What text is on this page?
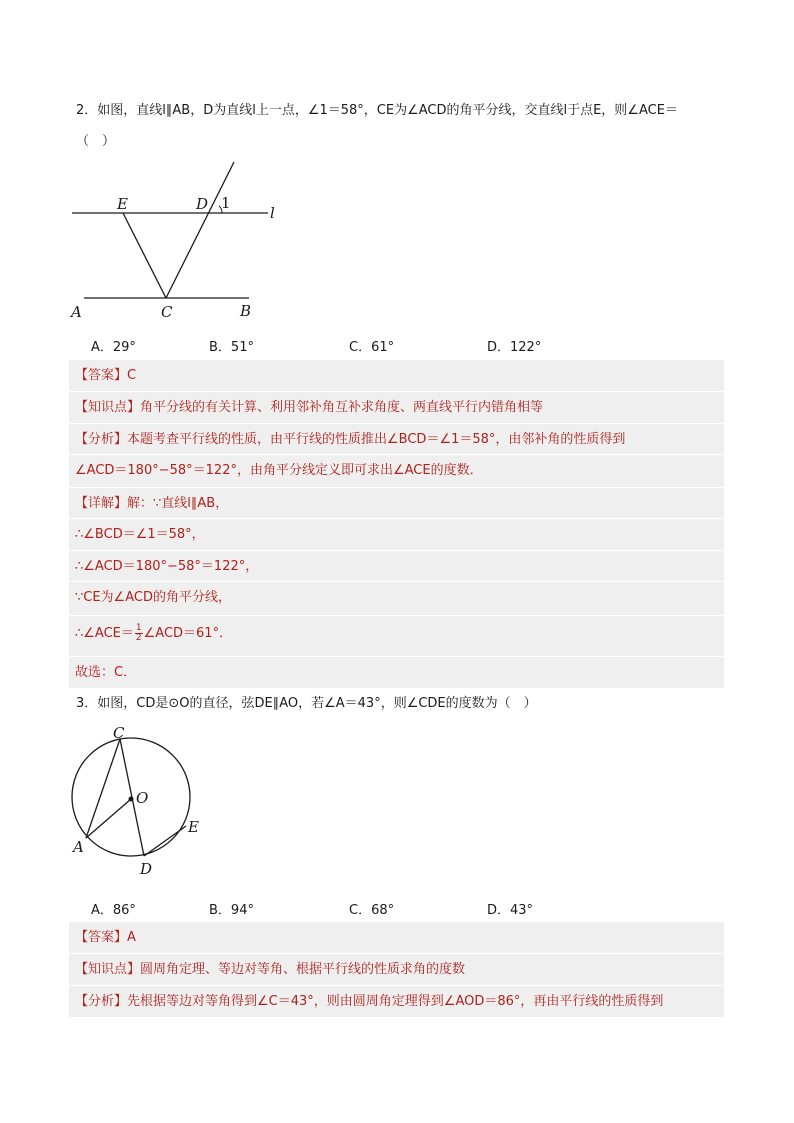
2．如图，直线l∥AB，D为直线l上一点，∠1＝58°，CE为∠ACD的角平分线，交直线l于点E，则∠ACE＝
（　）
E	D 1
l
A	C	B
A．29°	B．51°	C．61°	D．122°
【答案】C
【知识点】角平分线的有关计算、利用邻补角互补求角度、两直线平行内错角相等
【分析】本题考查平行线的性质，由平行线的性质推出∠BCD＝∠1＝58°，由邻补角的性质得到
∠ACD＝180°−58°＝122°，由角平分线定义即可求出∠ACE的度数．
【详解】解：∵直线l∥AB，
∴∠BCD＝∠1＝58°，
∴∠ACD＝180°−58°＝122°，
∵CE为∠ACD的角平分线，
∴∠ACE＝ $\frac{1}{2}$ ∠ACD＝61°．
故选：C．
3．如图，CD是⊙O的直径，弦DE∥AO，若∠A＝43°，则∠CDE的度数为（　）
C
O
E
A
D
A．86°	B．94°	C．68°	D．43°
【答案】A
【知识点】圆周角定理、等边对等角、根据平行线的性质求角的度数
【分析】先根据等边对等角得到∠C＝43°，则由圆周角定理得到∠AOD＝86°，再由平行线的性质得到
